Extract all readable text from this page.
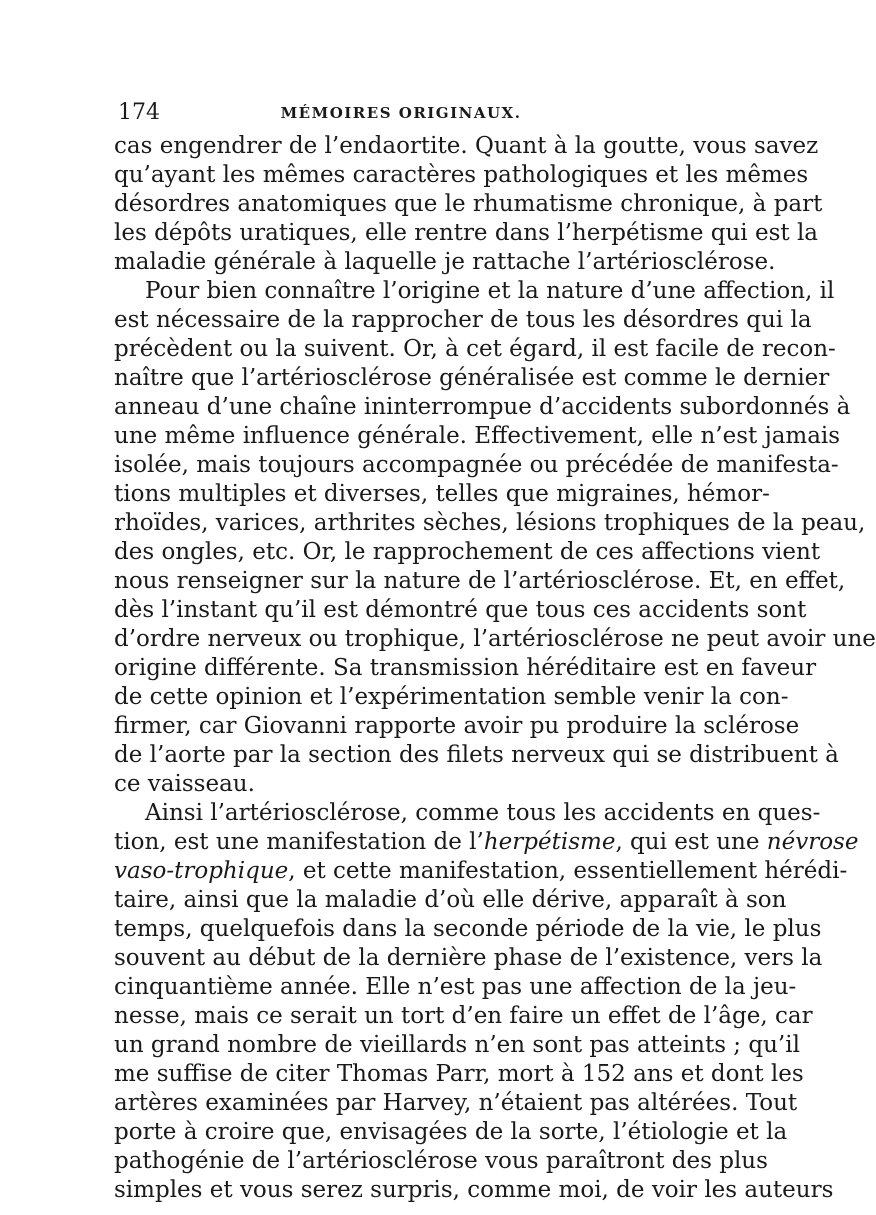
174	MÉMOIRES ORIGINAUX.
cas engendrer de l’endaortite. Quant à la goutte, vous savez
qu’ayant les mêmes caractères pathologiques et les mêmes
désordres anatomiques que le rhumatisme chronique, à part
les dépôts uratiques, elle rentre dans l’herpétisme qui est la
maladie générale à laquelle je rattache l’artériosclérose.
Pour bien connaître l’origine et la nature d’une affection, il
est nécessaire de la rapprocher de tous les désordres qui la
précèdent ou la suivent. Or, à cet égard, il est facile de recon-
naître que l’artériosclérose généralisée est comme le dernier
anneau d’une chaîne ininterrompue d’accidents subordonnés à
une même influence générale. Effectivement, elle n’est jamais
isolée, mais toujours accompagnée ou précédée de manifesta-
tions multiples et diverses, telles que migraines, hémor-
rhoïdes, varices, arthrites sèches, lésions trophiques de la peau,
des ongles, etc. Or, le rapprochement de ces affections vient
nous renseigner sur la nature de l’artériosclérose. Et, en effet,
dès l’instant qu’il est démontré que tous ces accidents sont
d’ordre nerveux ou trophique, l’artériosclérose ne peut avoir une
origine différente. Sa transmission héréditaire est en faveur
de cette opinion et l’expérimentation semble venir la con-
firmer, car Giovanni rapporte avoir pu produire la sclérose
de l’aorte par la section des filets nerveux qui se distribuent à
ce vaisseau.
Ainsi l’artériosclérose, comme tous les accidents en ques-
tion, est une manifestation de l’herpétisme, qui est une névrose
vaso-trophique, et cette manifestation, essentiellement hérédi-
taire, ainsi que la maladie d’où elle dérive, apparaît à son
temps, quelquefois dans la seconde période de la vie, le plus
souvent au début de la dernière phase de l’existence, vers la
cinquantième année. Elle n’est pas une affection de la jeu-
nesse, mais ce serait un tort d’en faire un effet de l’âge, car
un grand nombre de vieillards n’en sont pas atteints ; qu’il
me suffise de citer Thomas Parr, mort à 152 ans et dont les
artères examinées par Harvey, n’étaient pas altérées. Tout
porte à croire que, envisagées de la sorte, l’étiologie et la
pathogénie de l’artériosclérose vous paraîtront des plus
simples et vous serez surpris, comme moi, de voir les auteurs
